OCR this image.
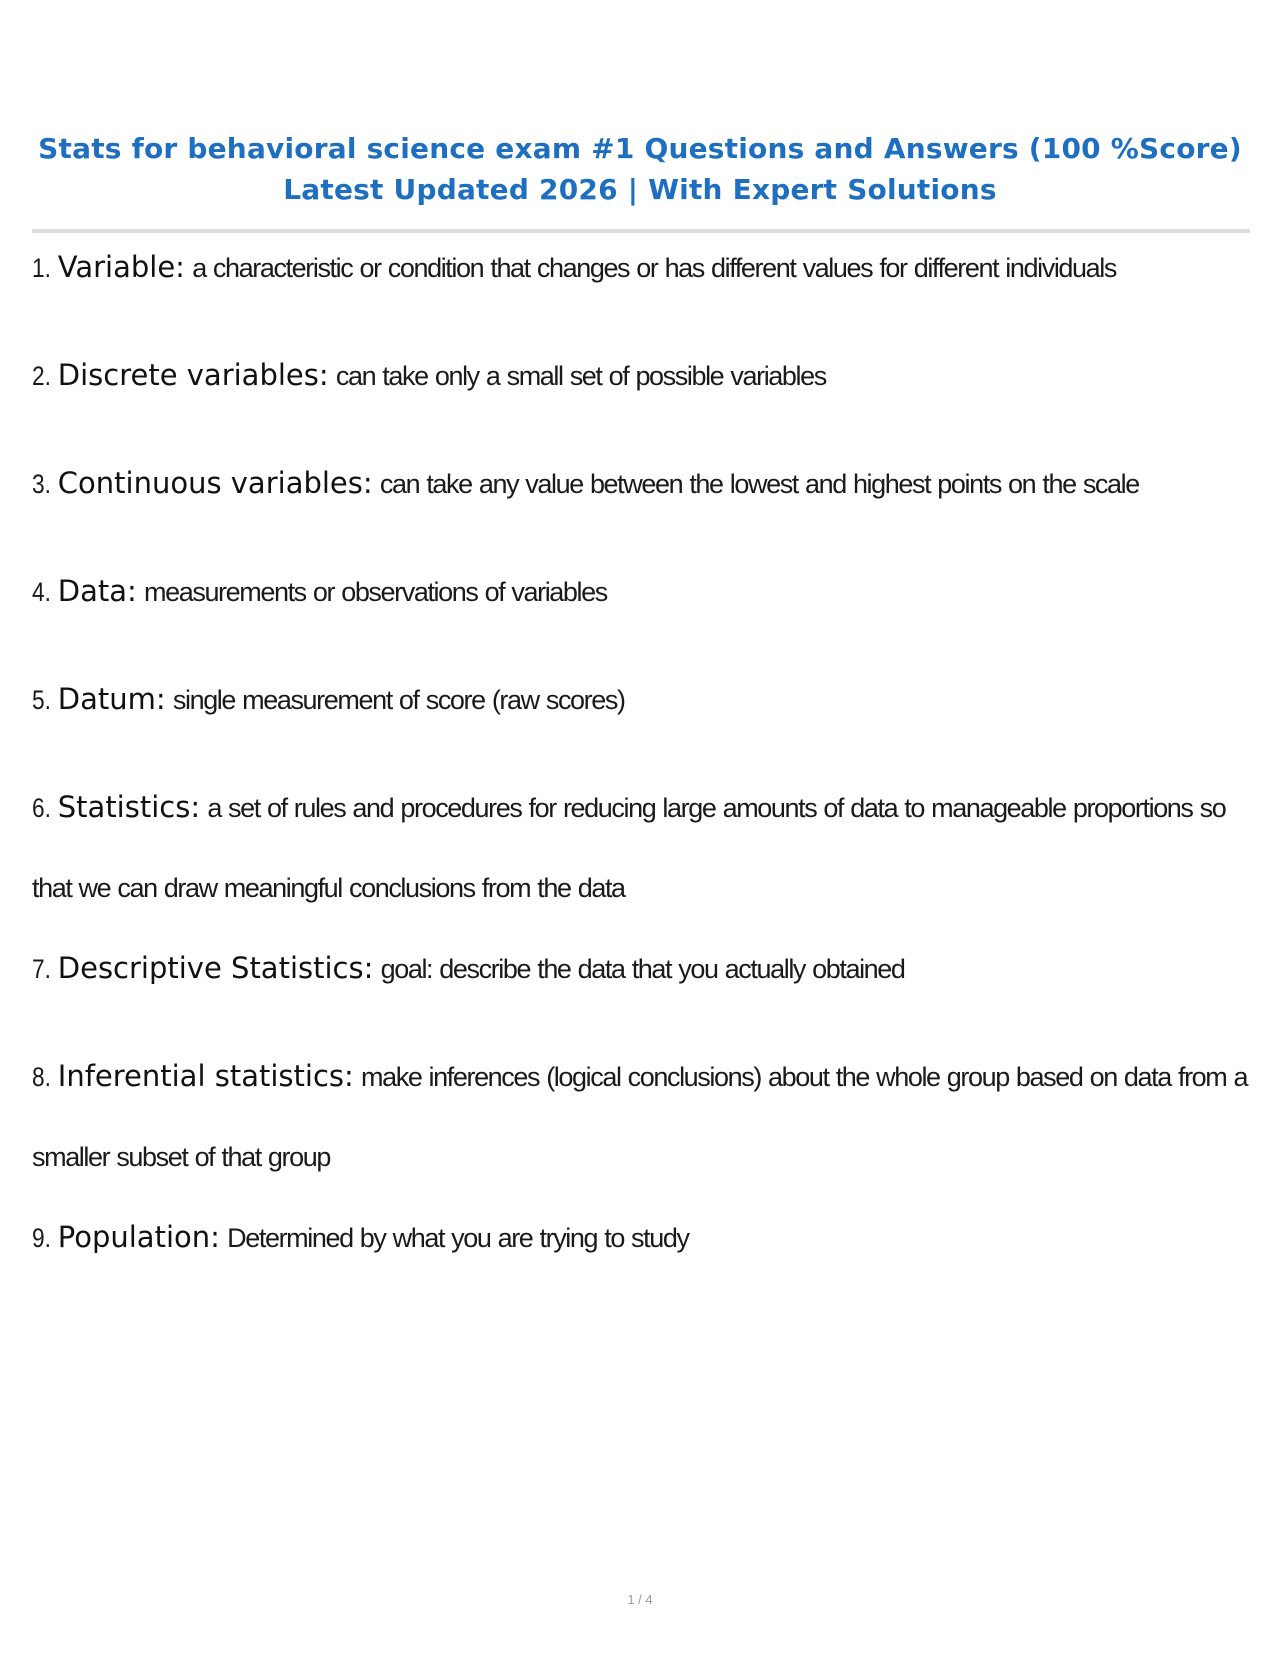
Stats for behavioral science exam #1 Questions and Answers (100 %Score)
Latest Updated 2026 | With Expert Solutions

1. Variable: a characteristic or condition that changes or has different values for different individuals

2. Discrete variables: can take only a small set of possible variables

3. Continuous variables: can take any value between the lowest and highest points on the scale

4. Data: measurements or observations of variables

5. Datum: single measurement of score (raw scores)

6. Statistics: a set of rules and procedures for reducing large amounts of data to manageable proportions so that we can draw meaningful conclusions from the data

7. Descriptive Statistics: goal: describe the data that you actually obtained

8. Inferential statistics: make inferences (logical conclusions) about the whole group based on data from a smaller subset of that group

9. Population: Determined by what you are trying to study

1 / 4
